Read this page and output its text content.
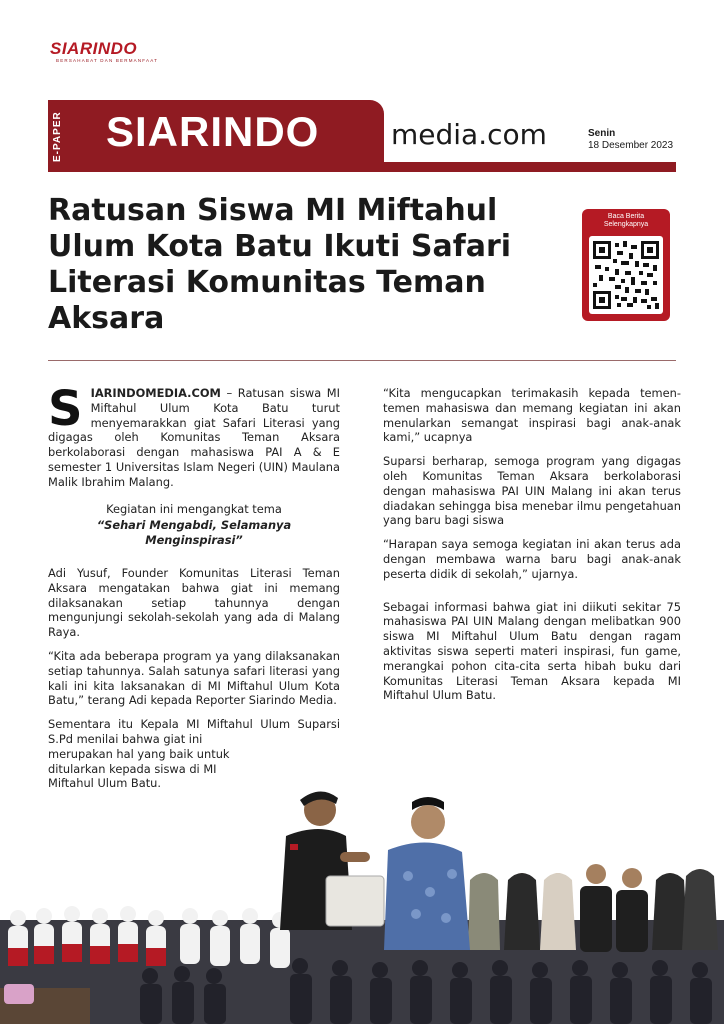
SIARINDO
BERSAHABAT DAN BERMANFAAT
E-PAPER	SIARINDO	media.com	Senin
18 Desember 2023
Ratusan Siswa MI Miftahul Ulum Kota Batu Ikuti Safari Literasi Komunitas Teman Aksara
Baca Berita
Selengkapnya

SIARINDOMEDIA.COM – Ratusan siswa MI Miftahul Ulum Kota Batu turut menyemarakkan giat Safari Literasi yang digagas oleh Komunitas Teman Aksara berkolaborasi dengan mahasiswa PAI A & E semester 1 Universitas Islam Negeri (UIN) Maulana Malik Ibrahim Malang.

Kegiatan ini mengangkat tema

“Sehari Mengabdi, Selamanya Menginspirasi”

Adi Yusuf, Founder Komunitas Literasi Teman Aksara mengatakan bahwa giat ini memang dilaksanakan setiap tahunnya dengan mengunjungi sekolah-sekolah yang ada di Malang Raya.

“Kita ada beberapa program ya yang dilaksanakan setiap tahunnya. Salah satunya safari literasi yang kali ini kita laksanakan di MI Miftahul Ulum Kota Batu,” terang Adi kepada Reporter Siarindo Media.

Sementara itu Kepala MI Miftahul Ulum Suparsi S.Pd menilai bahwa giat ini

merupakan hal yang baik untuk ditularkan kepada siswa di MI Miftahul Ulum Batu.

“Kita mengucapkan terimakasih kepada temen-temen mahasiswa dan memang kegiatan ini akan menularkan semangat inspirasi bagi anak-anak kami,” ucapnya

Suparsi berharap, semoga program yang digagas oleh Komunitas Teman Aksara berkolaborasi dengan mahasiswa PAI UIN Malang ini akan terus diadakan sehingga bisa menebar ilmu pengetahuan yang baru bagi siswa

“Harapan saya semoga kegiatan ini akan terus ada dengan membawa warna baru bagi anak-anak peserta didik di sekolah,” ujarnya.

Sebagai informasi bahwa giat ini diikuti sekitar 75 mahasiswa PAI UIN Malang dengan melibatkan 900 siswa MI Miftahul Ulum Batu dengan ragam aktivitas siswa seperti materi inspirasi, fun game, merangkai pohon cita-cita serta hibah buku dari Komunitas Literasi Teman Aksara kepada MI Miftahul Ulum Batu.
